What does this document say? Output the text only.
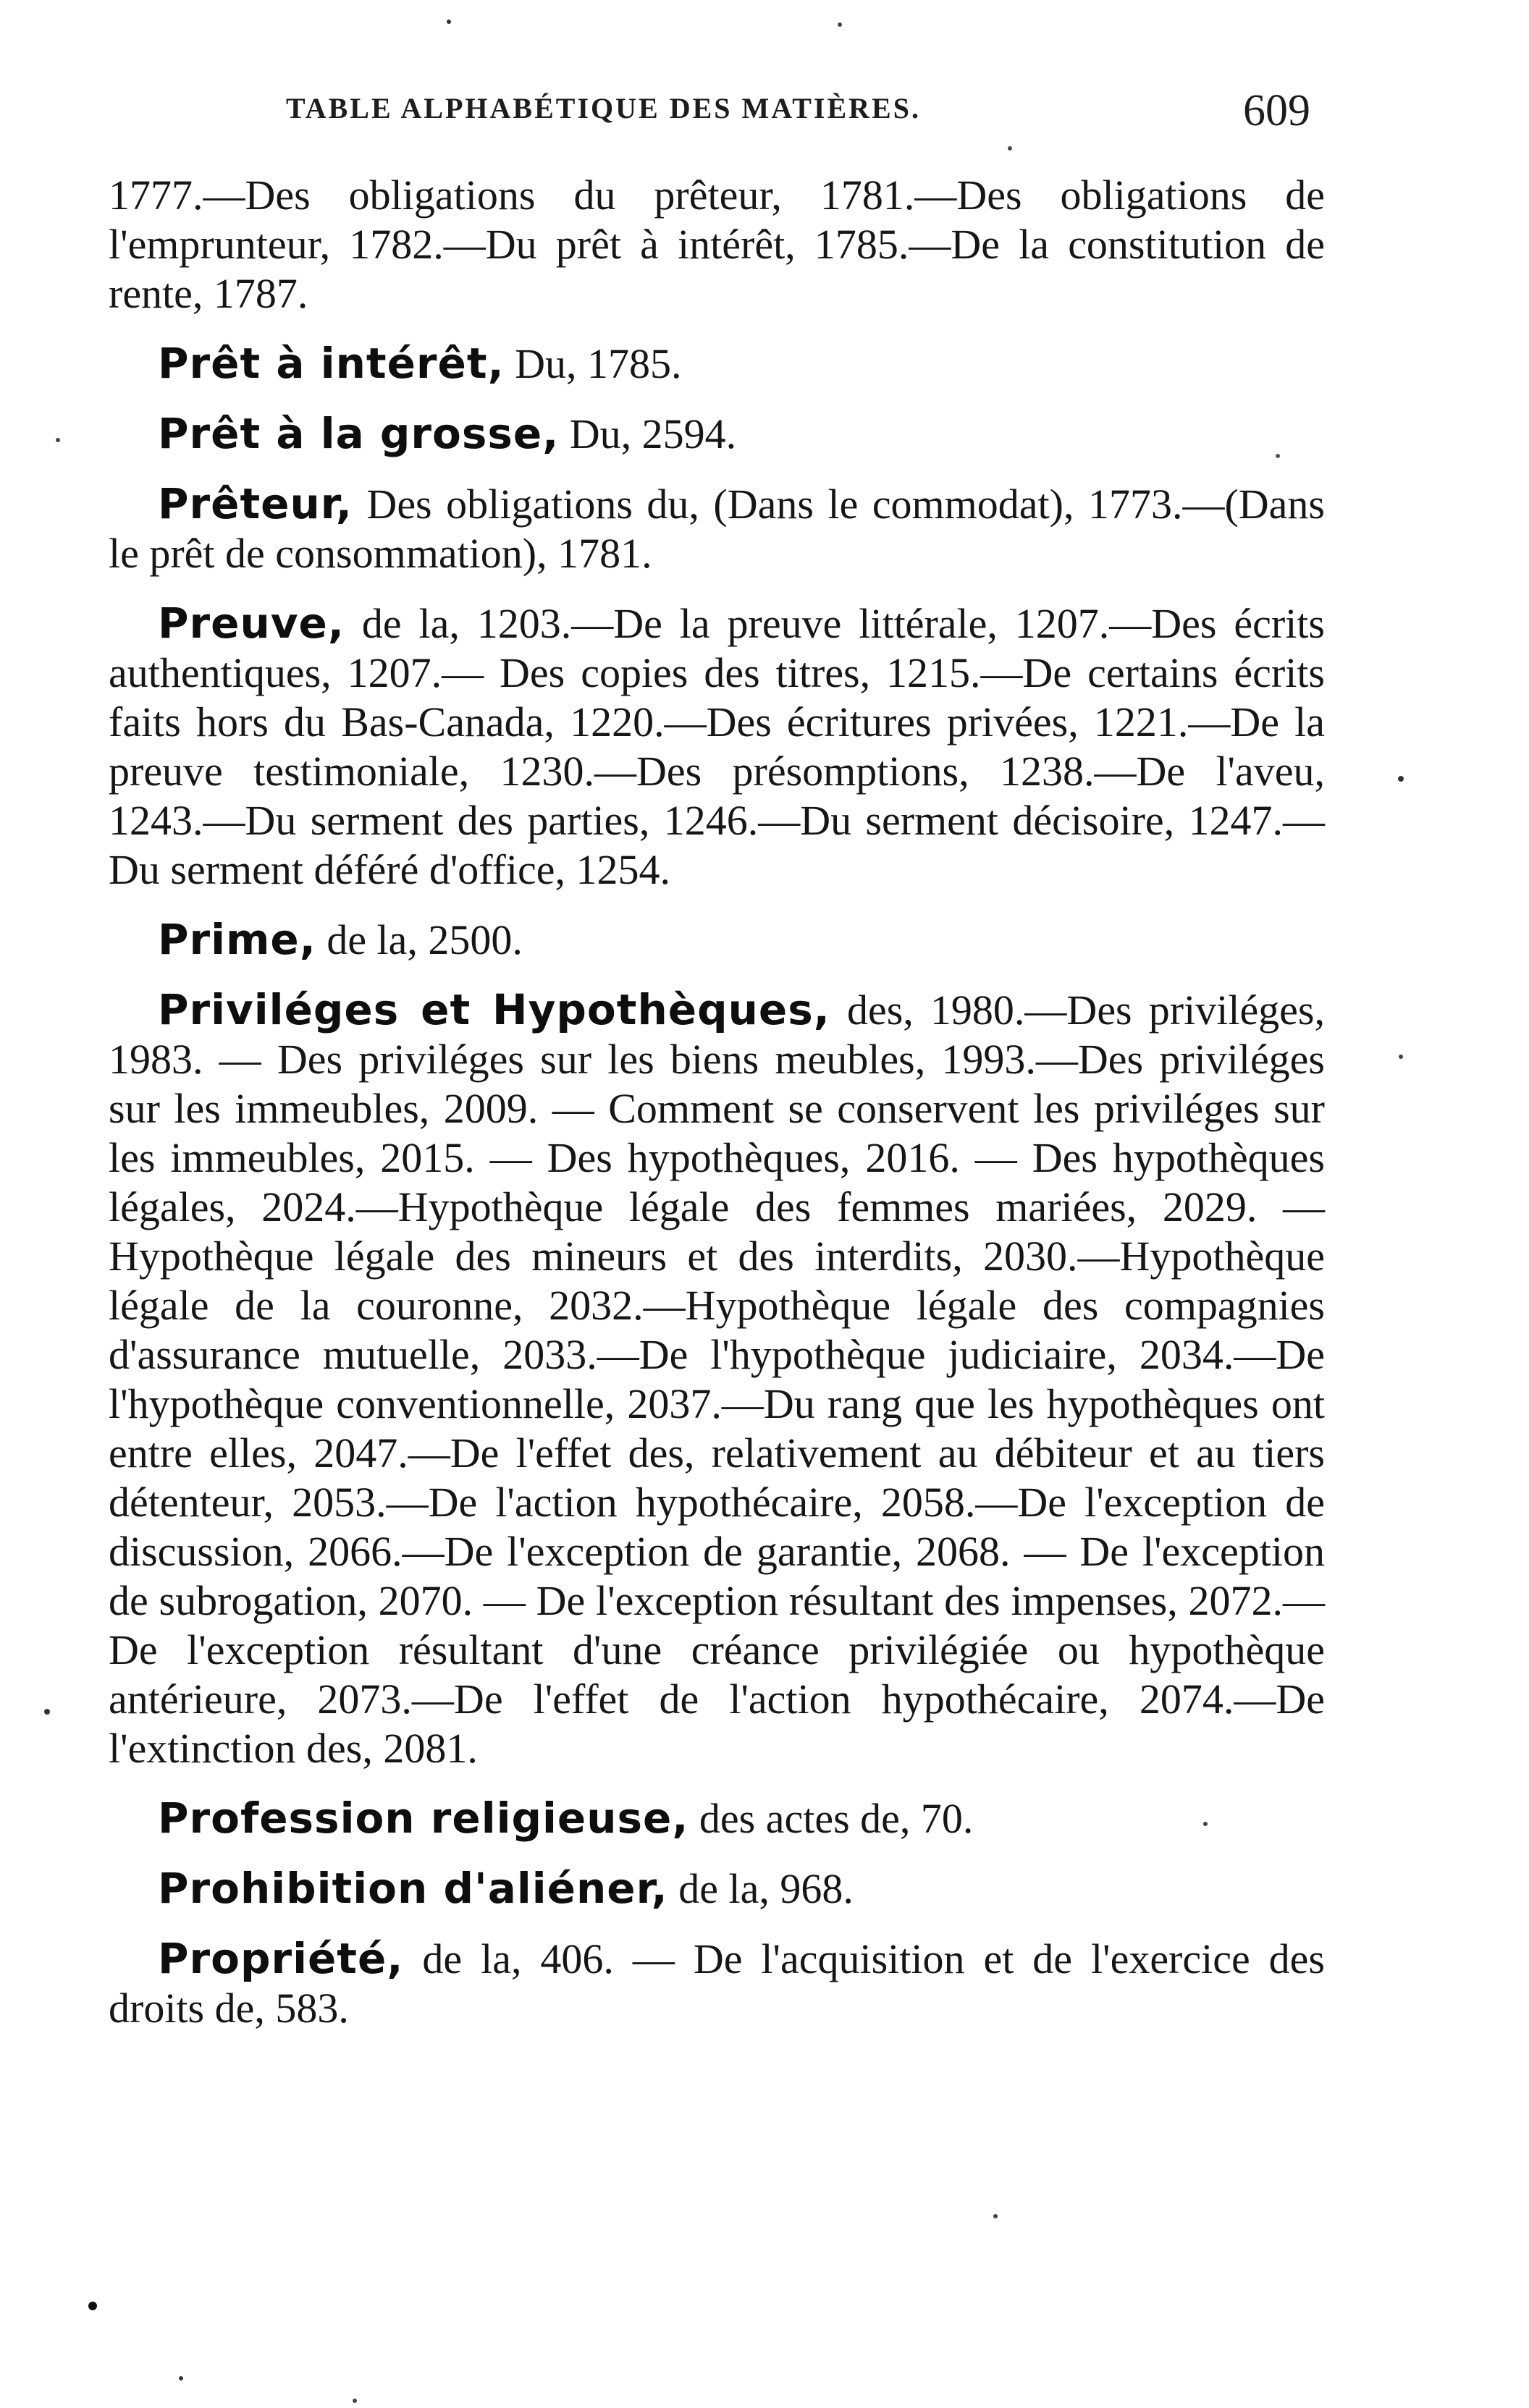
TABLE ALPHABÉTIQUE DES MATIÈRES.	609

1777.—Des obligations du prêteur, 1781.—Des obligations de l'emprunteur, 1782.—Du prêt à intérêt, 1785.—De la constitution de rente, 1787.

Prêt à intérêt, Du, 1785.

Prêt à la grosse, Du, 2594.

Prêteur, Des obligations du, (Dans le commodat), 1773.—(Dans le prêt de consommation), 1781.

Preuve, de la, 1203.—De la preuve littérale, 1207.—Des écrits authentiques, 1207.— Des copies des titres, 1215.—De certains écrits faits hors du Bas-Canada, 1220.—Des écritures privées, 1221.—De la preuve testimoniale, 1230.—Des présomptions, 1238.—De l'aveu, 1243.—Du serment des parties, 1246.—Du serment décisoire, 1247.—Du serment déféré d'office, 1254.

Prime, de la, 2500.

Priviléges et Hypothèques, des, 1980.—Des priviléges, 1983. — Des priviléges sur les biens meubles, 1993.—Des priviléges sur les immeubles, 2009. — Comment se conservent les priviléges sur les immeubles, 2015. — Des hypothèques, 2016. — Des hypothèques légales, 2024.—Hypothèque légale des femmes mariées, 2029. — Hypothèque légale des mineurs et des interdits, 2030.—Hypothèque légale de la couronne, 2032.—Hypothèque légale des compagnies d'assurance mutuelle, 2033.—De l'hypothèque judiciaire, 2034.—De l'hypothèque conventionnelle, 2037.—Du rang que les hypothèques ont entre elles, 2047.—De l'effet des, relativement au débiteur et au tiers détenteur, 2053.—De l'action hypothécaire, 2058.—De l'exception de discussion, 2066.—De l'exception de garantie, 2068. — De l'exception de subrogation, 2070. — De l'exception résultant des impenses, 2072.—De l'exception résultant d'une créance privilégiée ou hypothèque antérieure, 2073.—De l'effet de l'action hypothécaire, 2074.—De l'extinction des, 2081.

Profession religieuse, des actes de, 70.

Prohibition d'aliéner, de la, 968.

Propriété, de la, 406. — De l'acquisition et de l'exercice des droits de, 583.
